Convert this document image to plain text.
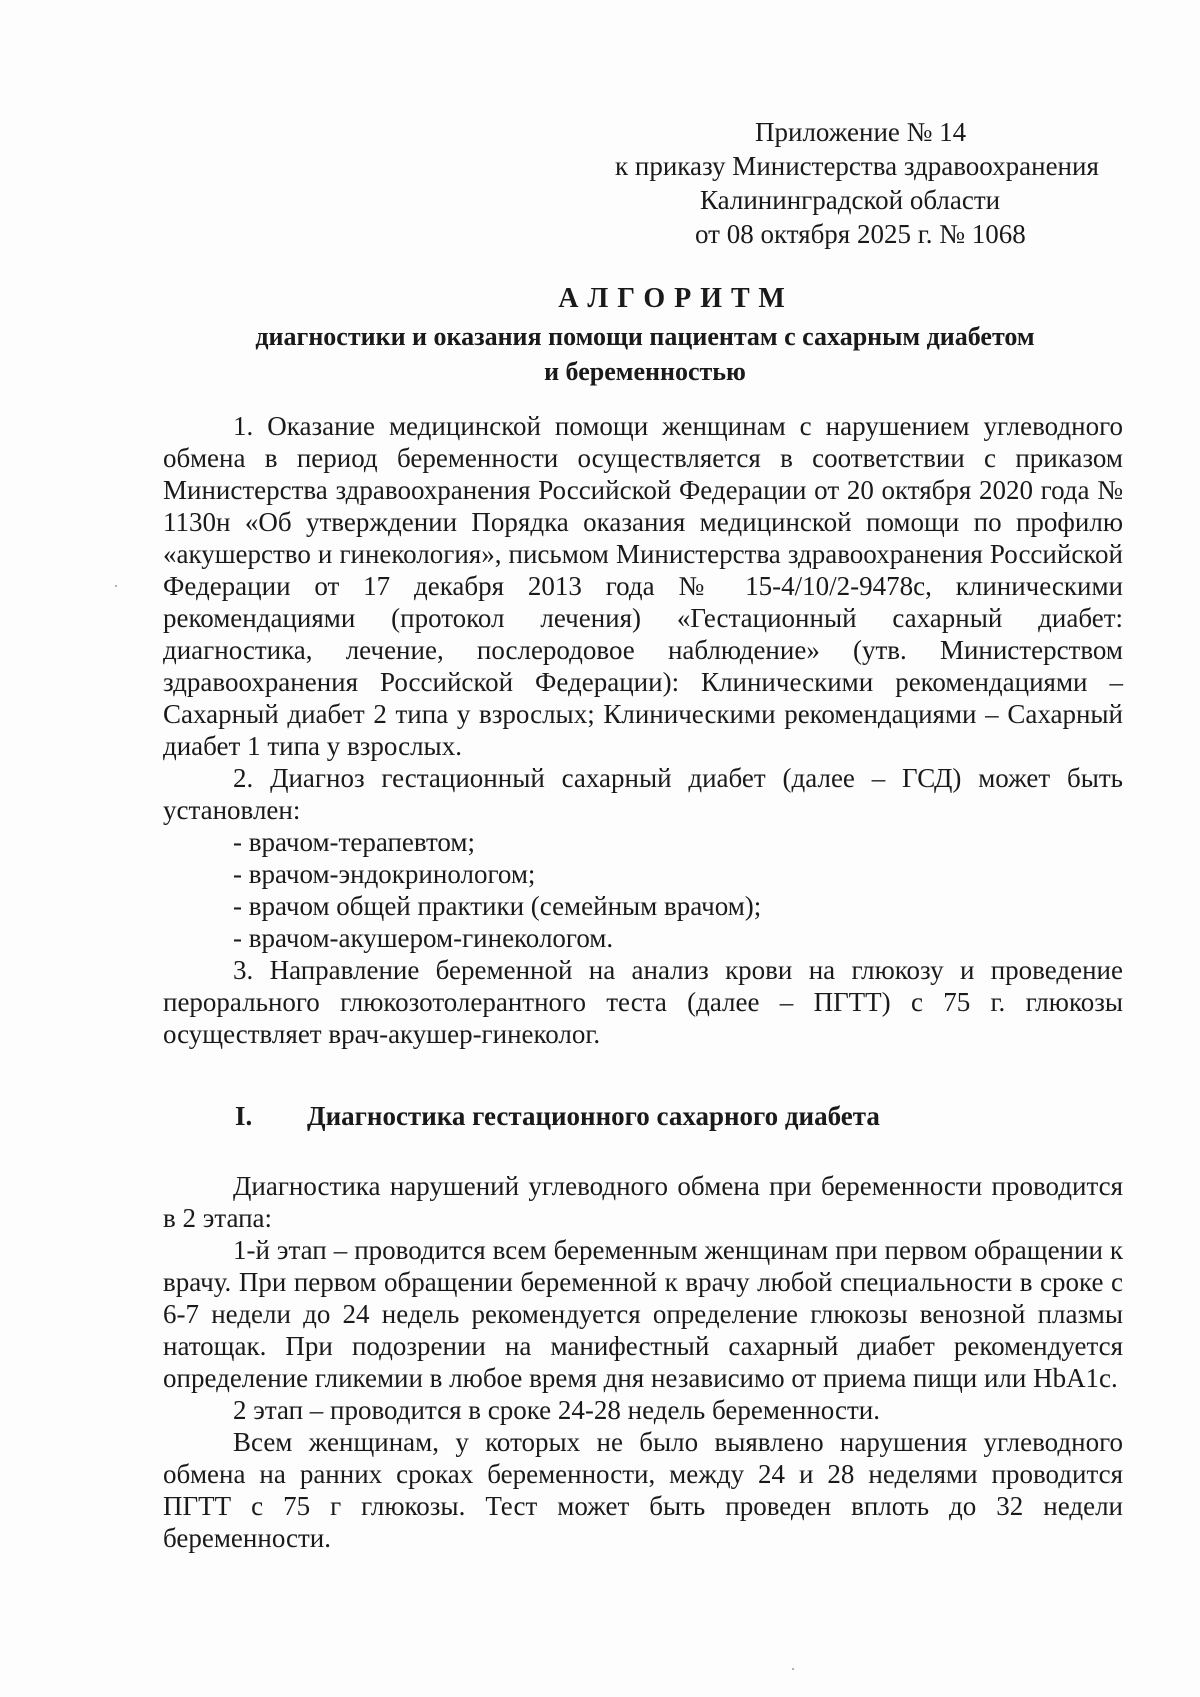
Приложение № 14
к приказу Министерства здравоохранения
Калининградской области
от 08 октября 2025 г. № 1068
АЛГОРИТМ
диагностики и оказания помощи пациентам с сахарным диабетом
и беременностью

1. Оказание медицинской помощи женщинам с нарушением углеводного обмена в период беременности осуществляется в соответствии с приказом Министерства здравоохранения Российской Федерации от 20 октября 2020 года № 1130н «Об утверждении Порядка оказания медицинской помощи по профилю «акушерство и гинекология», письмом Министерства здравоохранения Российской Федерации от 17 декабря 2013 года № 15-4/10/2-9478с, клиническими рекомендациями (протокол лечения) «Гестационный сахарный диабет: диагностика, лечение, послеродовое наблюдение» (утв. Министерством здравоохранения Российской Федерации): Клиническими рекомендациями – Сахарный диабет 2 типа у взрослых; Клиническими рекомендациями – Сахарный диабет 1 типа у взрослых.

2. Диагноз гестационный сахарный диабет (далее – ГСД) может быть установлен:

- врачом-терапевтом;

- врачом-эндокринологом;

- врачом общей практики (семейным врачом);

- врачом-акушером-гинекологом.

3. Направление беременной на анализ крови на глюкозу и проведение перорального глюкозотолерантного теста (далее – ПГТТ) с 75 г. глюкозы осуществляет врач-акушер-гинеколог.

I. Диагностика гестационного сахарного диабета

Диагностика нарушений углеводного обмена при беременности проводится в 2 этапа:

1-й этап – проводится всем беременным женщинам при первом обращении к врачу. При первом обращении беременной к врачу любой специальности в сроке с 6-7 недели до 24 недель рекомендуется определение глюкозы венозной плазмы натощак. При подозрении на манифестный сахарный диабет рекомендуется определение гликемии в любое время дня независимо от приема пищи или HbA1c.

2 этап – проводится в сроке 24-28 недель беременности.

Всем женщинам, у которых не было выявлено нарушения углеводного обмена на ранних сроках беременности, между 24 и 28 неделями проводится ПГТТ с 75 г глюкозы. Тест может быть проведен вплоть до 32 недели беременности.
